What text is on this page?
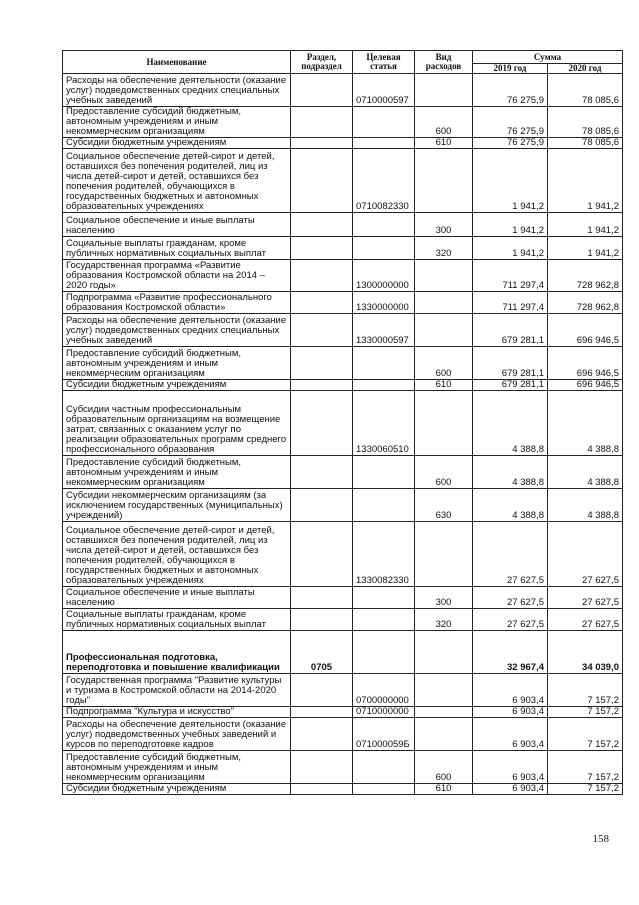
Наименование	Раздел, подраздел	Целевая статья	Вид расходов	Сумма	
				2019 год	2020 год
Расходы на обеспечение деятельности (оказание услуг) подведомственных средних специальных учебных заведений		0710000597		76 275,9	78 085,6
Предоставление субсидий бюджетным, автономным учреждениям и иным некоммерческим организациям			600	76 275,9	78 085,6
Субсидии бюджетным учреждениям			610	76 275,9	78 085,6
Социальное обеспечение детей-сирот и детей, оставшихся без попечения родителей, лиц из числа детей-сирот и детей, оставшихся без попечения родителей, обучающихся в государственных бюджетных и автономных образовательных учреждениях		0710082330		1 941,2	1 941,2
Социальное обеспечение и иные выплаты населению			300	1 941,2	1 941,2
Социальные выплаты гражданам, кроме публичных нормативных социальных выплат			320	1 941,2	1 941,2
Государственная программа «Развитие образования Костромской области на 2014 – 2020 годы»		1300000000		711 297,4	728 962,8
Подпрограмма «Развитие профессионального образования Костромской области»		1330000000		711 297,4	728 962,8
Расходы на обеспечение деятельности (оказание услуг) подведомственных средних специальных учебных заведений		1330000597		679 281,1	696 946,5
Предоставление субсидий бюджетным, автономным учреждениям и иным некоммерческим организациям			600	679 281,1	696 946,5
Субсидии бюджетным учреждениям			610	679 281,1	696 946,5
Субсидии частным профессиональным образовательным организациям на возмещение затрат, связанных с оказанием услуг по реализации образовательных программ среднего профессионального образования		1330060510		4 388,8	4 388,8
Предоставление субсидий бюджетным, автономным учреждениям и иным некоммерческим организациям			600	4 388,8	4 388,8
Субсидии некоммерческим организациям (за исключением государственных (муниципальных) учреждений)			630	4 388,8	4 388,8
Социальное обеспечение детей-сирот и детей, оставшихся без попечения родителей, лиц из числа детей-сирот и детей, оставшихся без попечения родителей, обучающихся в государственных бюджетных и автономных образовательных учреждениях		1330082330		27 627,5	27 627,5
Социальное обеспечение и иные выплаты населению			300	27 627,5	27 627,5
Социальные выплаты гражданам, кроме публичных нормативных социальных выплат			320	27 627,5	27 627,5
Профессиональная подготовка, переподготовка и повышение квалификации	0705			32 967,4	34 039,0
Государственная программа "Развитие культуры и туризма в Костромской области на 2014-2020 годы"		0700000000		6 903,4	7 157,2
Подпрограмма "Культура и искусство"		0710000000		6 903,4	7 157,2
Расходы на обеспечение деятельности (оказание услуг) подведомственных учебных заведений и курсов по переподготовке кадров		071000059Б		6 903,4	7 157,2
Предоставление субсидий бюджетным, автономным учреждениям и иным некоммерческим организациям			600	6 903,4	7 157,2
Субсидии бюджетным учреждениям			610	6 903,4	7 157,2
158
